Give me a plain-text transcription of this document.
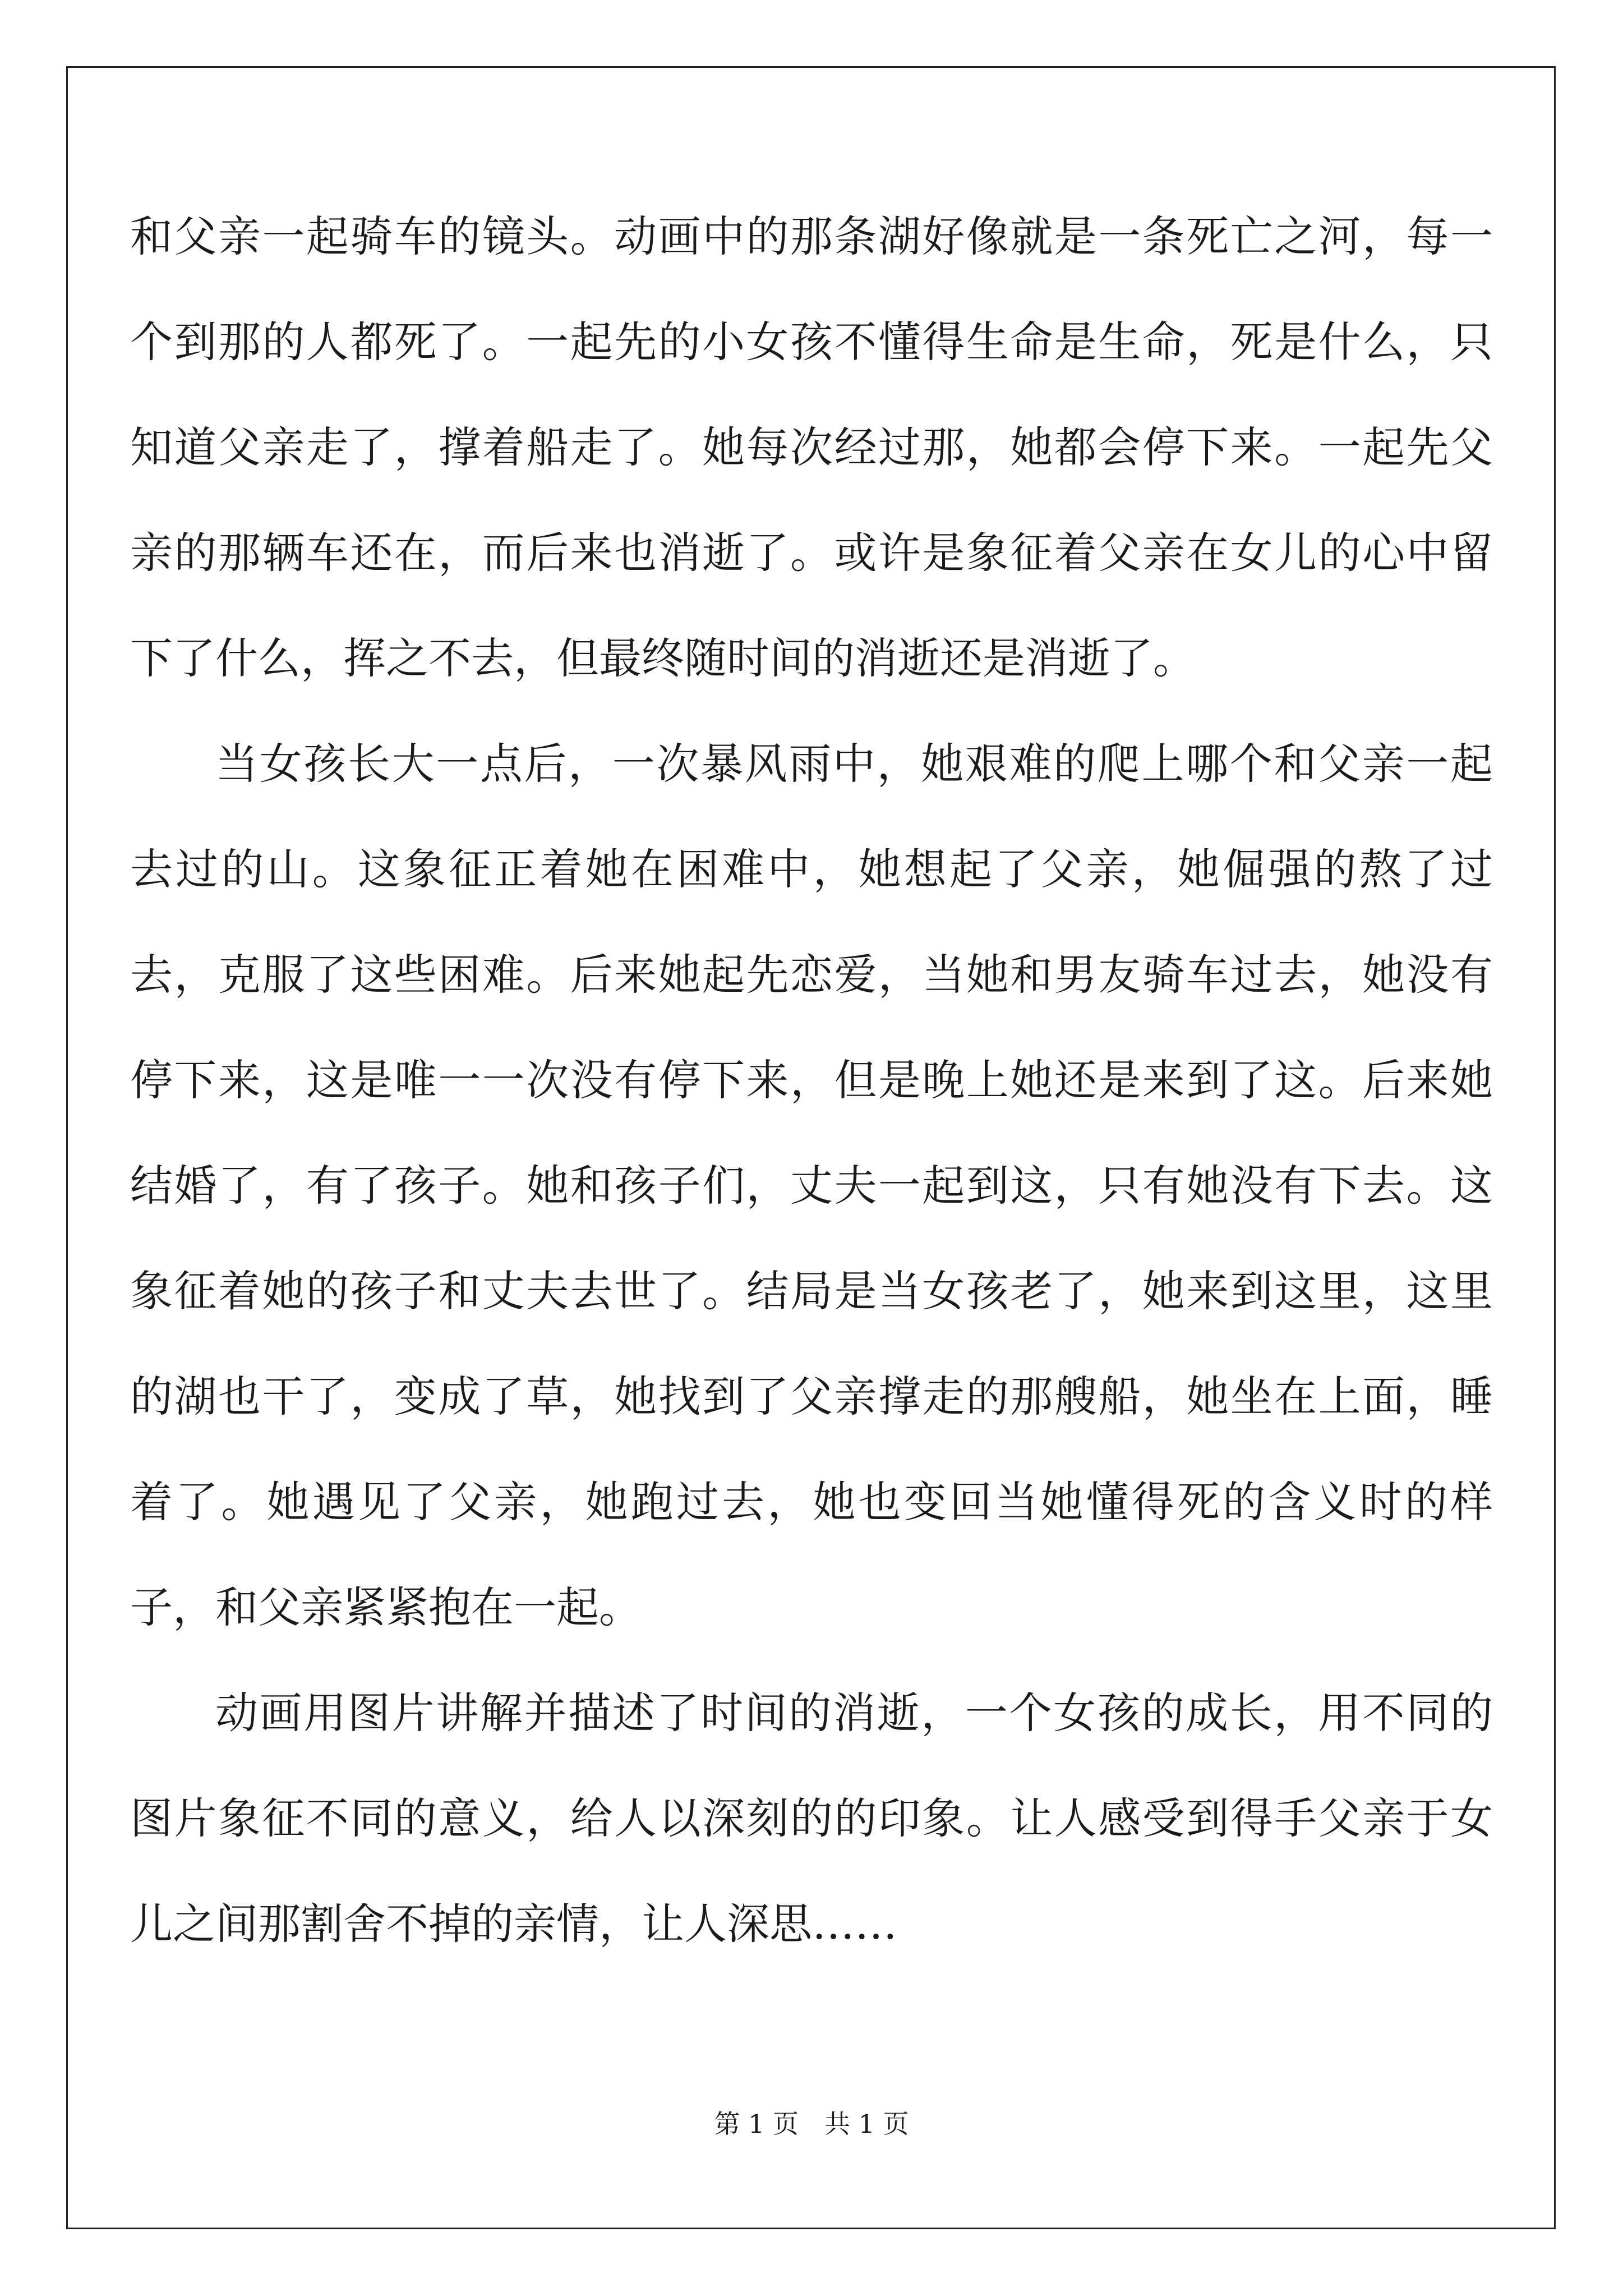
和父亲一起骑车的镜头。动画中的那条湖好像就是一条死亡之河，每一个到那的人都死了。一起先的小女孩不懂得生命是生命，死是什么，只知道父亲走了，撑着船走了。她每次经过那，她都会停下来。一起先父亲的那辆车还在，而后来也消逝了。或许是象征着父亲在女儿的心中留下了什么，挥之不去，但最终随时间的消逝还是消逝了。

当女孩长大一点后，一次暴风雨中，她艰难的爬上哪个和父亲一起去过的山。这象征正着她在困难中，她想起了父亲，她倔强的熬了过去，克服了这些困难。后来她起先恋爱，当她和男友骑车过去，她没有停下来，这是唯一一次没有停下来，但是晚上她还是来到了这。后来她结婚了，有了孩子。她和孩子们，丈夫一起到这，只有她没有下去。这象征着她的孩子和丈夫去世了。结局是当女孩老了，她来到这里，这里的湖也干了，变成了草，她找到了父亲撑走的那艘船，她坐在上面，睡着了。她遇见了父亲，她跑过去，她也变回当她懂得死的含义时的样子，和父亲紧紧抱在一起。

动画用图片讲解并描述了时间的消逝，一个女孩的成长，用不同的图片象征不同的意义，给人以深刻的的印象。让人感受到得手父亲于女儿之间那割舍不掉的亲情，让人深思……

第 1 页　共 1 页
